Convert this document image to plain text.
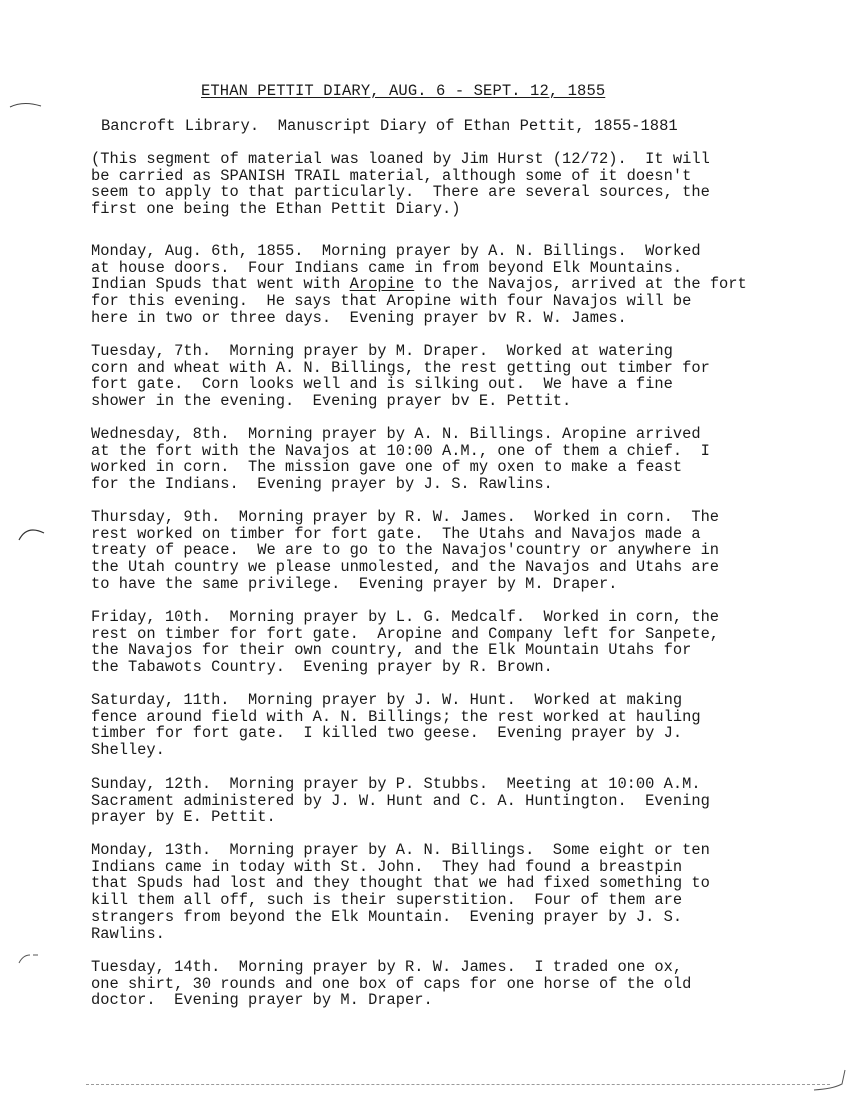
ETHAN PETTIT DIARY, AUG. 6 - SEPT. 12, 1855

Bancroft Library.  Manuscript Diary of Ethan Pettit, 1855-1881

(This segment of material was loaned by Jim Hurst (12/72).  It will
be carried as SPANISH TRAIL material, although some of it doesn't
seem to apply to that particularly.  There are several sources, the
first one being the Ethan Pettit Diary.)

Monday, Aug. 6th, 1855.  Morning prayer by A. N. Billings.  Worked
at house doors.  Four Indians came in from beyond Elk Mountains.
Indian Spuds that went with Aropine to the Navajos, arrived at the fort
for this evening.  He says that Aropine with four Navajos will be
here in two or three days.  Evening prayer bv R. W. James.

Tuesday, 7th.  Morning prayer by M. Draper.  Worked at watering
corn and wheat with A. N. Billings, the rest getting out timber for
fort gate.  Corn looks well and is silking out.  We have a fine
shower in the evening.  Evening prayer bv E. Pettit.

Wednesday, 8th.  Morning prayer by A. N. Billings. Aropine arrived
at the fort with the Navajos at 10:00 A.M., one of them a chief.  I
worked in corn.  The mission gave one of my oxen to make a feast
for the Indians.  Evening prayer by J. S. Rawlins.

Thursday, 9th.  Morning prayer by R. W. James.  Worked in corn.  The
rest worked on timber for fort gate.  The Utahs and Navajos made a
treaty of peace.  We are to go to the Navajos'country or anywhere in
the Utah country we please unmolested, and the Navajos and Utahs are
to have the same privilege.  Evening prayer by M. Draper.

Friday, 10th.  Morning prayer by L. G. Medcalf.  Worked in corn, the
rest on timber for fort gate.  Aropine and Company left for Sanpete,
the Navajos for their own country, and the Elk Mountain Utahs for
the Tabawots Country.  Evening prayer by R. Brown.

Saturday, 11th.  Morning prayer by J. W. Hunt.  Worked at making
fence around field with A. N. Billings; the rest worked at hauling
timber for fort gate.  I killed two geese.  Evening prayer by J.
Shelley.

Sunday, 12th.  Morning prayer by P. Stubbs.  Meeting at 10:00 A.M.
Sacrament administered by J. W. Hunt and C. A. Huntington.  Evening
prayer by E. Pettit.

Monday, 13th.  Morning prayer by A. N. Billings.  Some eight or ten
Indians came in today with St. John.  They had found a breastpin
that Spuds had lost and they thought that we had fixed something to
kill them all off, such is their superstition.  Four of them are
strangers from beyond the Elk Mountain.  Evening prayer by J. S.
Rawlins.

Tuesday, 14th.  Morning prayer by R. W. James.  I traded one ox,
one shirt, 30 rounds and one box of caps for one horse of the old
doctor.  Evening prayer by M. Draper.
